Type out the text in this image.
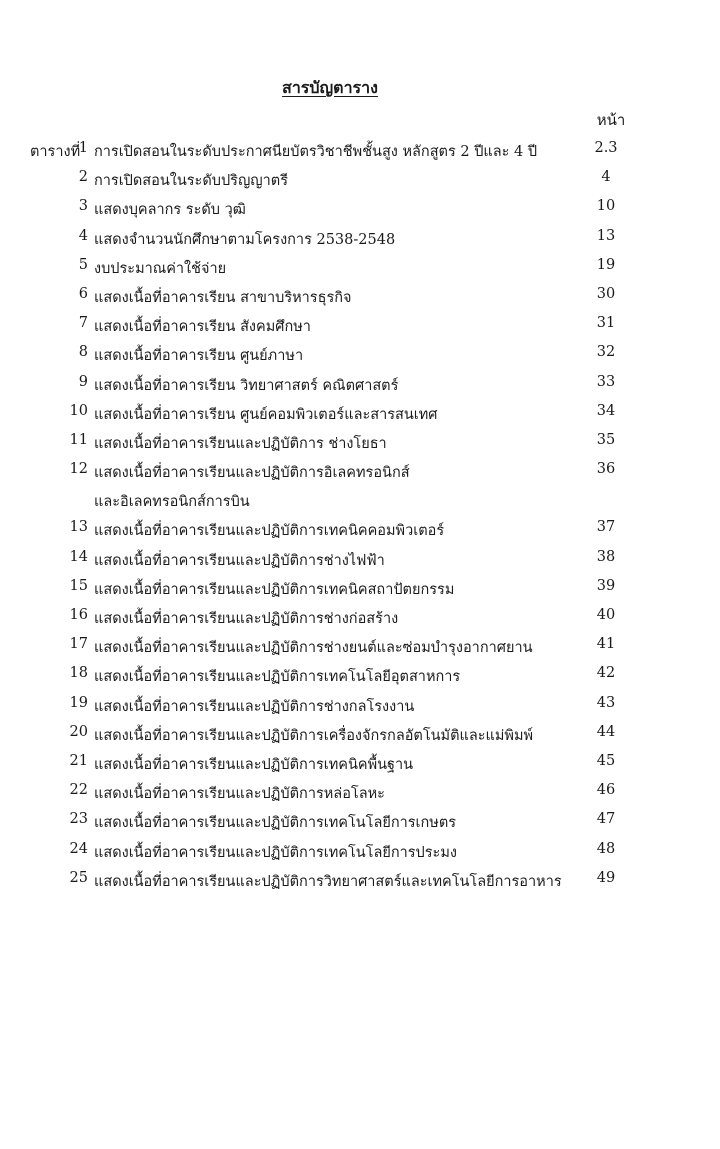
สารบัญตาราง
หน้า
ตารางที่
1 การเปิดสอนในระดับประกาศนียบัตรวิชาชีพชั้นสูง หลักสูตร 2 ปีและ 4 ปี	2.3
2 การเปิดสอนในระดับปริญญาตรี	4
3 แสดงบุคลากร ระดับ วุฒิ	10
4 แสดงจำนวนนักศึกษาตามโครงการ 2538-2548	13
5 งบประมาณค่าใช้จ่าย	19
6 แสดงเนื้อที่อาคารเรียน สาขาบริหารธุรกิจ	30
7 แสดงเนื้อที่อาคารเรียน สังคมศึกษา	31
8 แสดงเนื้อที่อาคารเรียน ศูนย์ภาษา	32
9 แสดงเนื้อที่อาคารเรียน วิทยาศาสตร์ คณิตศาสตร์	33
10 แสดงเนื้อที่อาคารเรียน ศูนย์คอมพิวเตอร์และสารสนเทศ	34
11 แสดงเนื้อที่อาคารเรียนและปฏิบัติการ ช่างโยธา	35
12 แสดงเนื้อที่อาคารเรียนและปฏิบัติการอิเลคทรอนิกส์	36
และอิเลคทรอนิกส์การบิน
13 แสดงเนื้อที่อาคารเรียนและปฏิบัติการเทคนิคคอมพิวเตอร์	37
14 แสดงเนื้อที่อาคารเรียนและปฏิบัติการช่างไฟฟ้า	38
15 แสดงเนื้อที่อาคารเรียนและปฏิบัติการเทคนิคสถาปัตยกรรม	39
16 แสดงเนื้อที่อาคารเรียนและปฏิบัติการช่างก่อสร้าง	40
17 แสดงเนื้อที่อาคารเรียนและปฏิบัติการช่างยนต์และซ่อมบำรุงอากาศยาน	41
18 แสดงเนื้อที่อาคารเรียนและปฏิบัติการเทคโนโลยีอุตสาหการ	42
19 แสดงเนื้อที่อาคารเรียนและปฏิบัติการช่างกลโรงงาน	43
20 แสดงเนื้อที่อาคารเรียนและปฏิบัติการเครื่องจักรกลอัตโนมัติและแม่พิมพ์	44
21 แสดงเนื้อที่อาคารเรียนและปฏิบัติการเทคนิคพื้นฐาน	45
22 แสดงเนื้อที่อาคารเรียนและปฏิบัติการหล่อโลหะ	46
23 แสดงเนื้อที่อาคารเรียนและปฏิบัติการเทคโนโลยีการเกษตร	47
24 แสดงเนื้อที่อาคารเรียนและปฏิบัติการเทคโนโลยีการประมง	48
25 แสดงเนื้อที่อาคารเรียนและปฏิบัติการวิทยาศาสตร์และเทคโนโลยีการอาหาร	49
